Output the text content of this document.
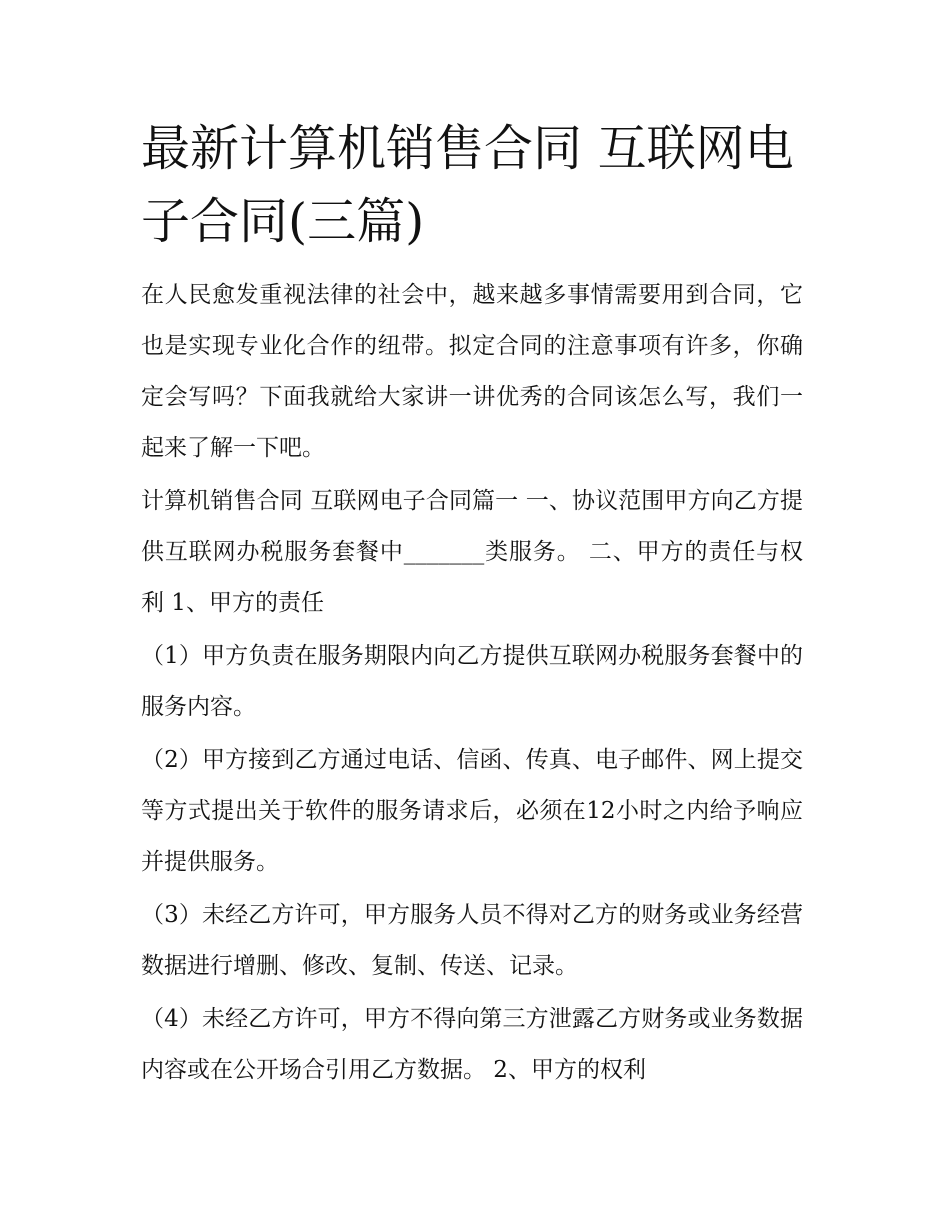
最新计算机销售合同 互联网电子合同(三篇)

在人民愈发重视法律的社会中，越来越多事情需要用到合同，它也是实现专业化合作的纽带。拟定合同的注意事项有许多，你确定会写吗？下面我就给大家讲一讲优秀的合同该怎么写，我们一起来了解一下吧。

计算机销售合同 互联网电子合同篇一 一、协议范围甲方向乙方提供互联网办税服务套餐中_______类服务。 二、甲方的责任与权利 1、甲方的责任

（1）甲方负责在服务期限内向乙方提供互联网办税服务套餐中的服务内容。

（2）甲方接到乙方通过电话、信函、传真、电子邮件、网上提交等方式提出关于软件的服务请求后，必须在12小时之内给予响应并提供服务。

（3）未经乙方许可，甲方服务人员不得对乙方的财务或业务经营数据进行增删、修改、复制、传送、记录。

（4）未经乙方许可，甲方不得向第三方泄露乙方财务或业务数据内容或在公开场合引用乙方数据。 2、甲方的权利
